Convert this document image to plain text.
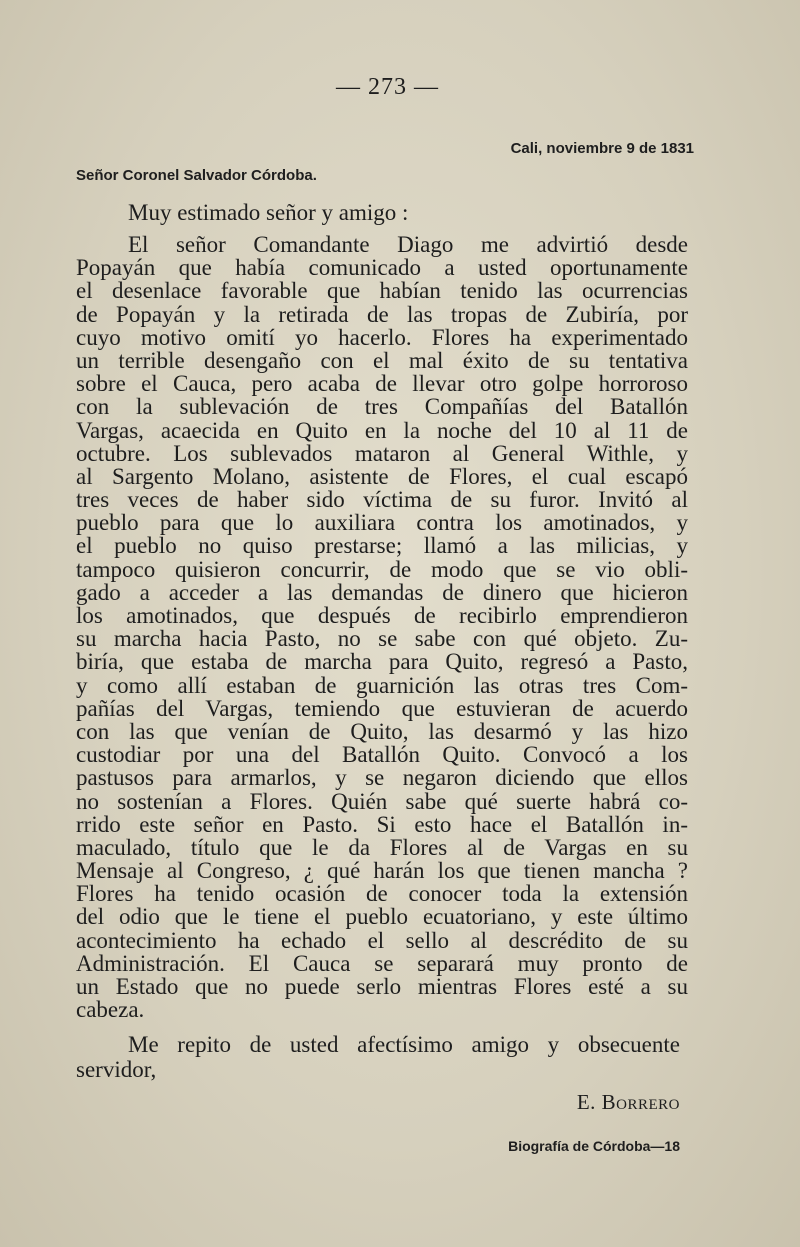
— 273 —
Cali, noviembre 9 de 1831
Señor Coronel Salvador Córdoba.
Muy estimado señor y amigo :
El señor Comandante Diago me advirtió desde
Popayán que había comunicado a usted oportunamente
el desenlace favorable que habían tenido las ocurrencias
de Popayán y la retirada de las tropas de Zubiría, por
cuyo motivo omití yo hacerlo. Flores ha experimentado
un terrible desengaño con el mal éxito de su tentativa
sobre el Cauca, pero acaba de llevar otro golpe horroroso
con la sublevación de tres Compañías del Batallón
Vargas, acaecida en Quito en la noche del 10 al 11 de
octubre. Los sublevados mataron al General Withle, y
al Sargento Molano, asistente de Flores, el cual escapó
tres veces de haber sido víctima de su furor. Invitó al
pueblo para que lo auxiliara contra los amotinados, y
el pueblo no quiso prestarse; llamó a las milicias, y
tampoco quisieron concurrir, de modo que se vio obli-
gado a acceder a las demandas de dinero que hicieron
los amotinados, que después de recibirlo emprendieron
su marcha hacia Pasto, no se sabe con qué objeto. Zu-
biría, que estaba de marcha para Quito, regresó a Pasto,
y como allí estaban de guarnición las otras tres Com-
pañías del Vargas, temiendo que estuvieran de acuerdo
con las que venían de Quito, las desarmó y las hizo
custodiar por una del Batallón Quito. Convocó a los
pastusos para armarlos, y se negaron diciendo que ellos
no sostenían a Flores. Quién sabe qué suerte habrá co-
rrido este señor en Pasto. Si esto hace el Batallón in-
maculado, título que le da Flores al de Vargas en su
Mensaje al Congreso, ¿ qué harán los que tienen mancha ?
Flores ha tenido ocasión de conocer toda la extensión
del odio que le tiene el pueblo ecuatoriano, y este último
acontecimiento ha echado el sello al descrédito de su
Administración. El Cauca se separará muy pronto de
un Estado que no puede serlo mientras Flores esté a su
cabeza.
Me repito de usted afectísimo amigo y obsecuente
servidor,
E. Borrero
Biografía de Córdoba—18
